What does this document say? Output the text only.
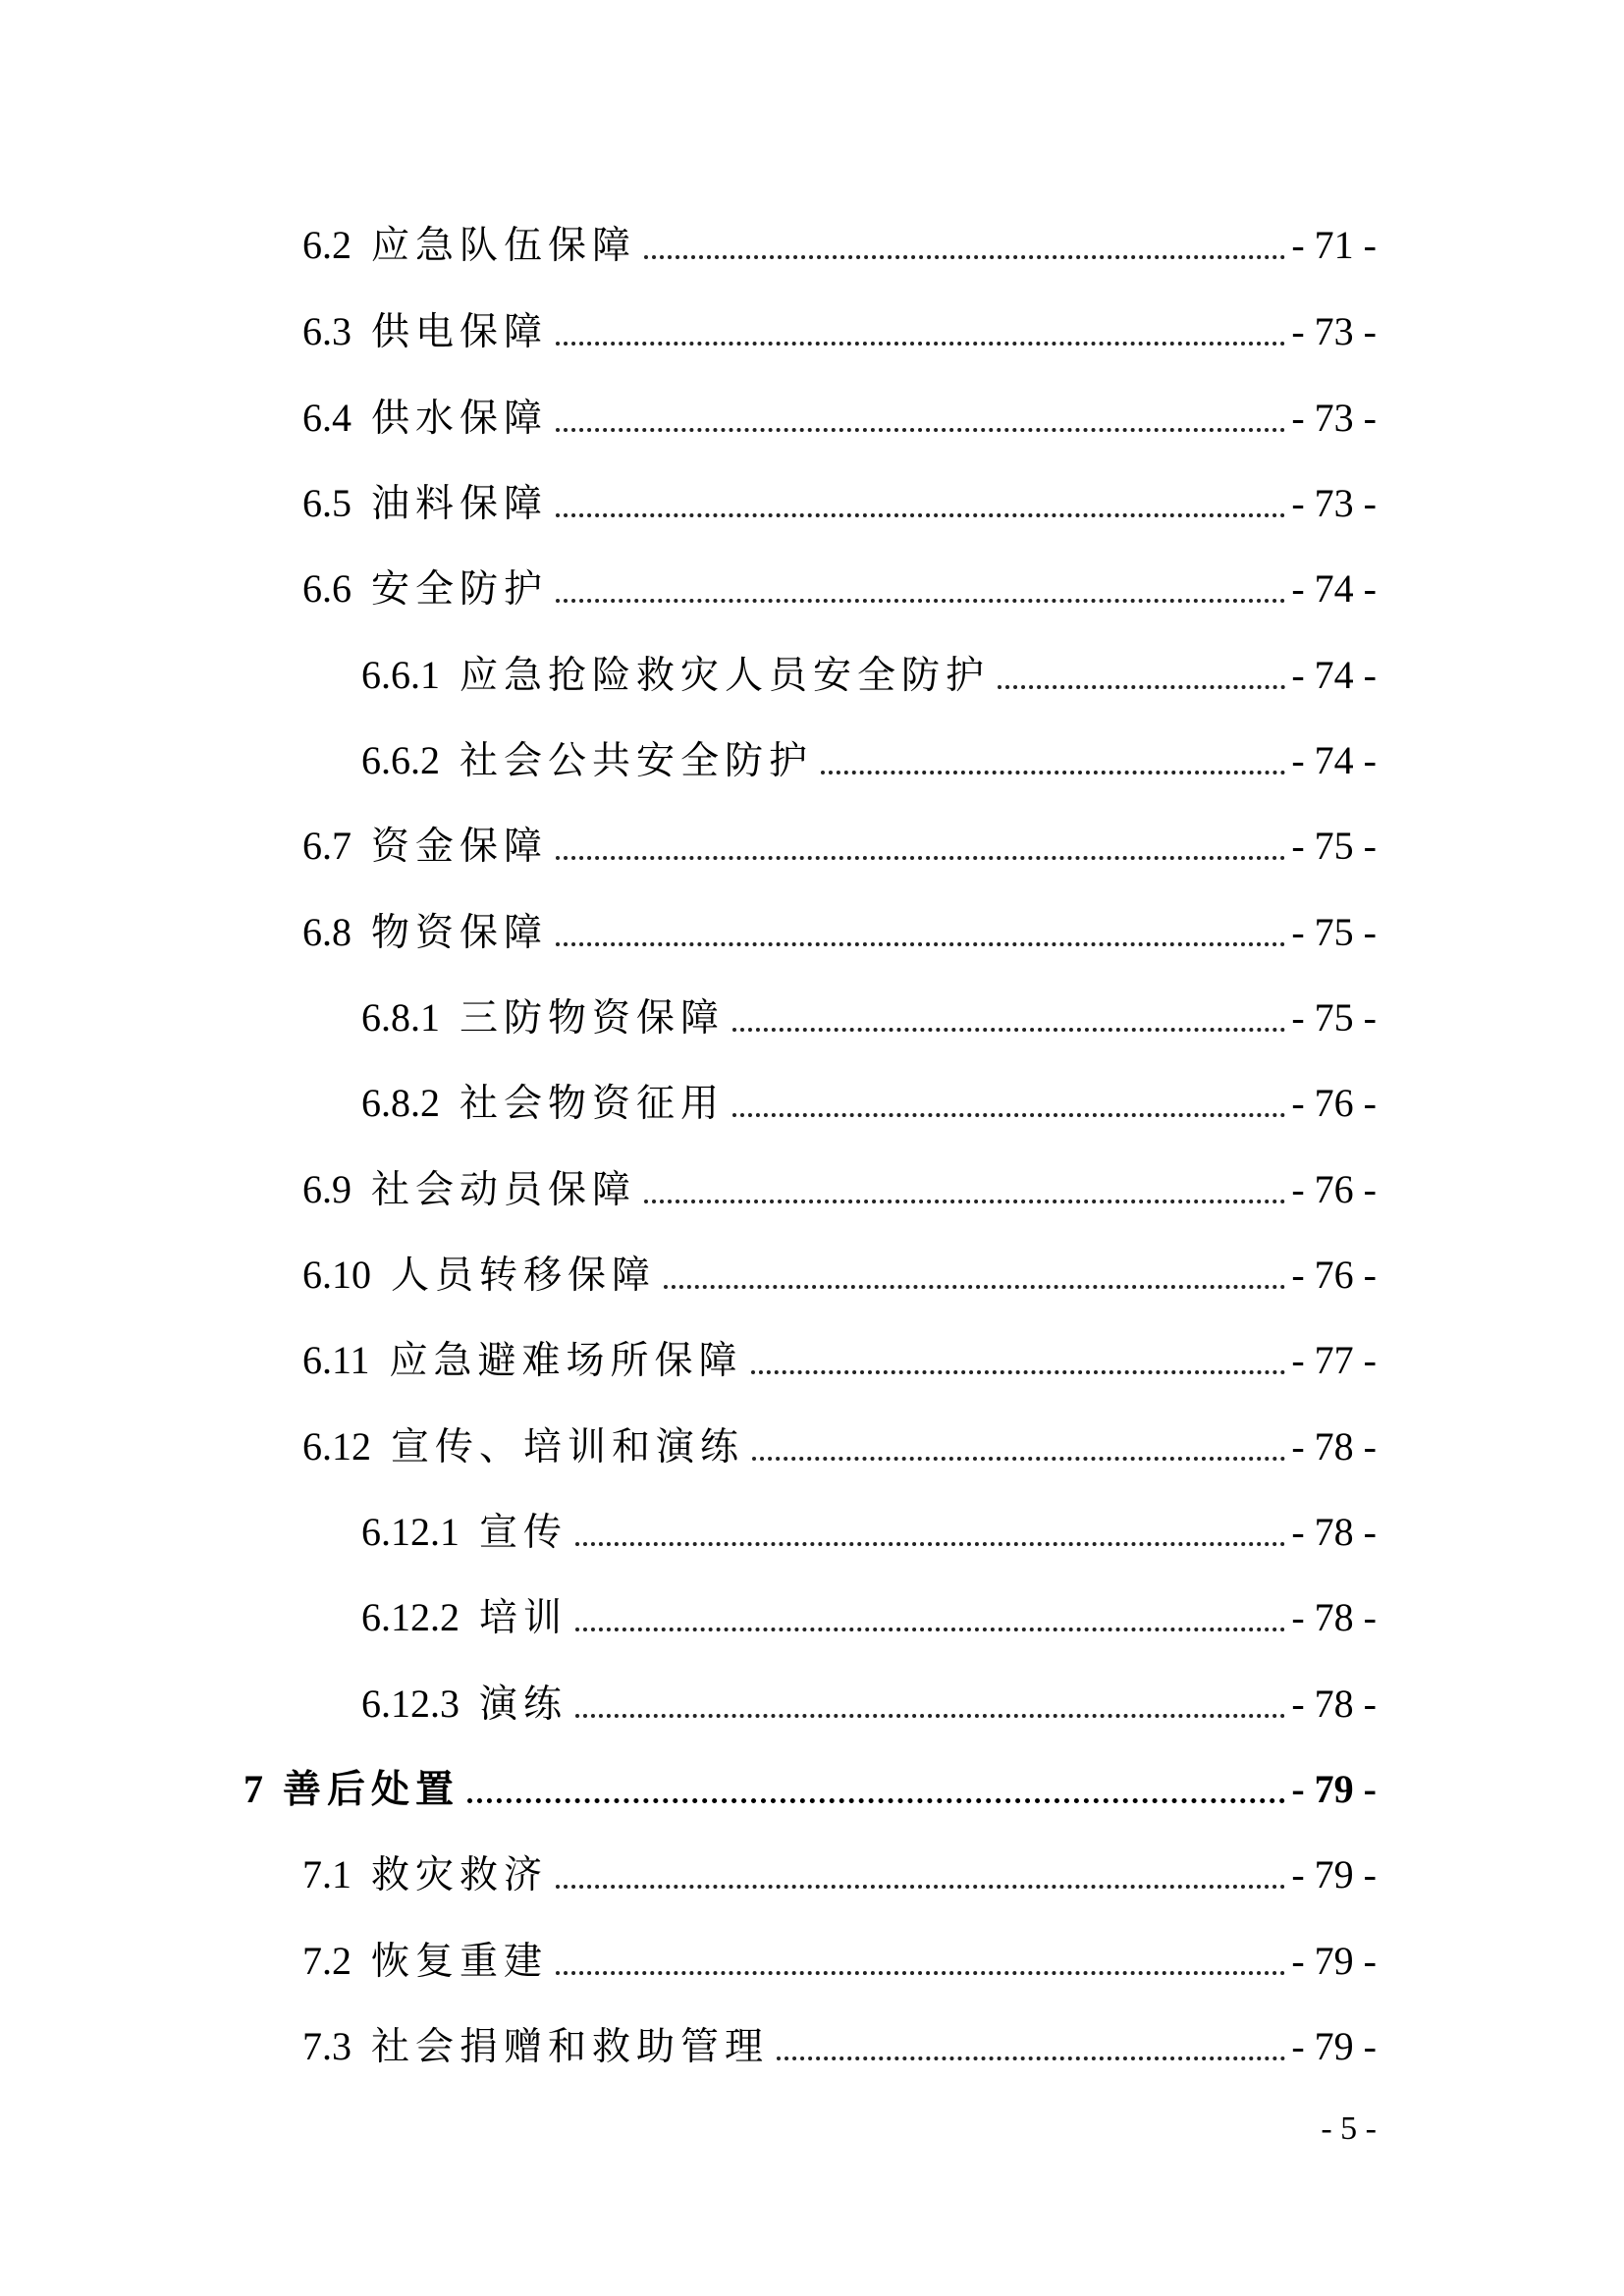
6.2 应急队伍保障	- 71 -
6.3 供电保障	- 73 -
6.4 供水保障	- 73 -
6.5 油料保障	- 73 -
6.6 安全防护	- 74 -
6.6.1 应急抢险救灾人员安全防护	- 74 -
6.6.2 社会公共安全防护	- 74 -
6.7 资金保障	- 75 -
6.8 物资保障	- 75 -
6.8.1 三防物资保障	- 75 -
6.8.2 社会物资征用	- 76 -
6.9 社会动员保障	- 76 -
6.10 人员转移保障	- 76 -
6.11 应急避难场所保障	- 77 -
6.12 宣传、培训和演练	- 78 -
6.12.1 宣传	- 78 -
6.12.2 培训	- 78 -
6.12.3 演练	- 78 -
7 善后处置	- 79 -
7.1 救灾救济	- 79 -
7.2 恢复重建	- 79 -
7.3 社会捐赠和救助管理	- 79 -
- 5 -
